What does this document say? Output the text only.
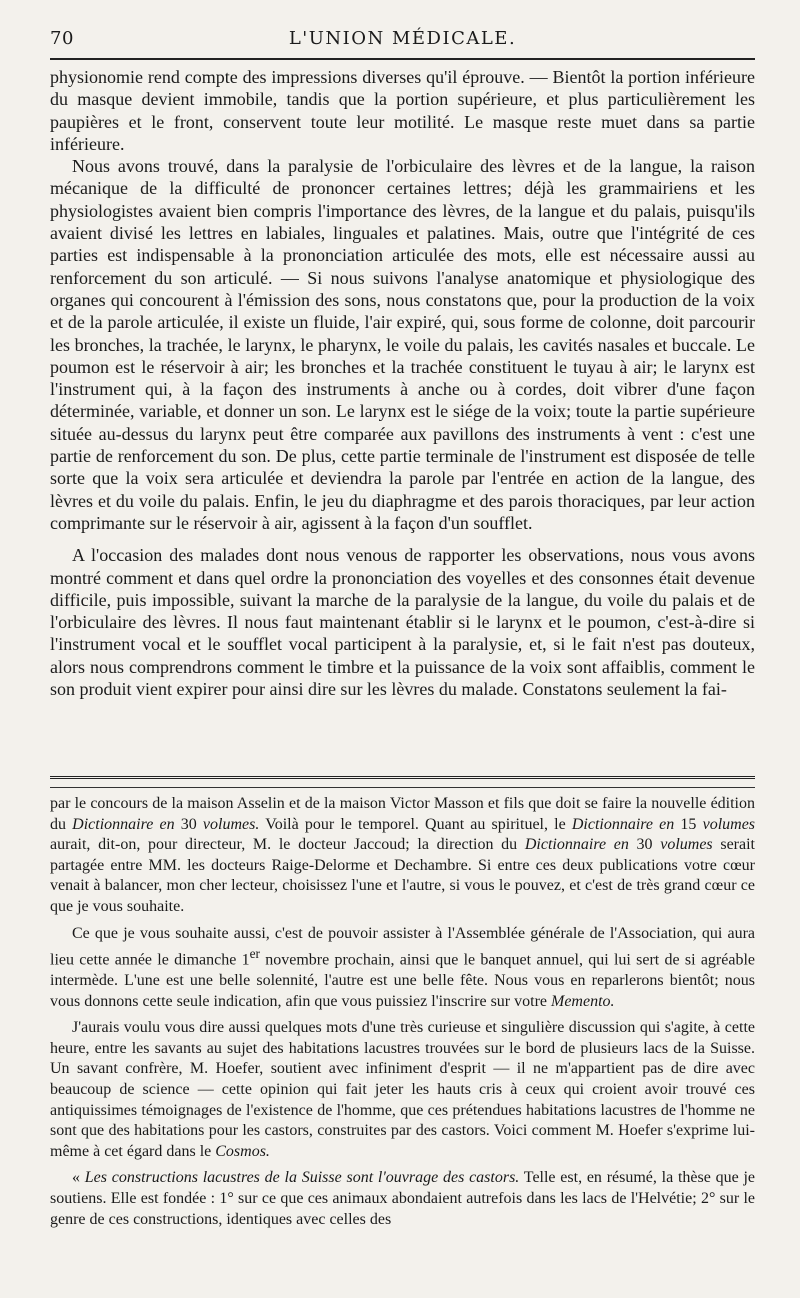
70	L'UNION MÉDICALE.

physionomie rend compte des impressions diverses qu'il éprouve. — Bientôt la portion inférieure du masque devient immobile, tandis que la portion supérieure, et plus particulièrement les paupières et le front, conservent toute leur motilité. Le masque reste muet dans sa partie inférieure.

Nous avons trouvé, dans la paralysie de l'orbiculaire des lèvres et de la langue, la raison mécanique de la difficulté de prononcer certaines lettres; déjà les grammairiens et les physiologistes avaient bien compris l'importance des lèvres, de la langue et du palais, puisqu'ils avaient divisé les lettres en labiales, linguales et palatines. Mais, outre que l'intégrité de ces parties est indispensable à la prononciation articulée des mots, elle est nécessaire aussi au renforcement du son articulé. — Si nous suivons l'analyse anatomique et physiologique des organes qui concourent à l'émission des sons, nous constatons que, pour la production de la voix et de la parole articulée, il existe un fluide, l'air expiré, qui, sous forme de colonne, doit parcourir les bronches, la trachée, le larynx, le pharynx, le voile du palais, les cavités nasales et buccale. Le poumon est le réservoir à air; les bronches et la trachée constituent le tuyau à air; le larynx est l'instrument qui, à la façon des instruments à anche ou à cordes, doit vibrer d'une façon déterminée, variable, et donner un son. Le larynx est le siége de la voix; toute la partie supérieure située au-dessus du larynx peut être comparée aux pavillons des instruments à vent : c'est une partie de renforcement du son. De plus, cette partie terminale de l'instrument est disposée de telle sorte que la voix sera articulée et deviendra la parole par l'entrée en action de la langue, des lèvres et du voile du palais. Enfin, le jeu du diaphragme et des parois thoraciques, par leur action comprimante sur le réservoir à air, agissent à la façon d'un soufflet.

A l'occasion des malades dont nous venous de rapporter les observations, nous vous avons montré comment et dans quel ordre la prononciation des voyelles et des consonnes était devenue difficile, puis impossible, suivant la marche de la paralysie de la langue, du voile du palais et de l'orbiculaire des lèvres. Il nous faut maintenant établir si le larynx et le poumon, c'est-à-dire si l'instrument vocal et le soufflet vocal participent à la paralysie, et, si le fait n'est pas douteux, alors nous comprendrons comment le timbre et la puissance de la voix sont affaiblis, comment le son produit vient expirer pour ainsi dire sur les lèvres du malade. Constatons seulement la fai-

par le concours de la maison Asselin et de la maison Victor Masson et fils que doit se faire la nouvelle édition du Dictionnaire en 30 volumes. Voilà pour le temporel. Quant au spirituel, le Dictionnaire en 15 volumes aurait, dit-on, pour directeur, M. le docteur Jaccoud; la direction du Dictionnaire en 30 volumes serait partagée entre MM. les docteurs Raige-Delorme et Dechambre. Si entre ces deux publications votre cœur venait à balancer, mon cher lecteur, choisissez l'une et l'autre, si vous le pouvez, et c'est de très grand cœur ce que je vous souhaite.

Ce que je vous souhaite aussi, c'est de pouvoir assister à l'Assemblée générale de l'Association, qui aura lieu cette année le dimanche 1er novembre prochain, ainsi que le banquet annuel, qui lui sert de si agréable intermède. L'une est une belle solennité, l'autre est une belle fête. Nous vous en reparlerons bientôt; nous vous donnons cette seule indication, afin que vous puissiez l'inscrire sur votre Memento.

J'aurais voulu vous dire aussi quelques mots d'une très curieuse et singulière discussion qui s'agite, à cette heure, entre les savants au sujet des habitations lacustres trouvées sur le bord de plusieurs lacs de la Suisse. Un savant confrère, M. Hoefer, soutient avec infiniment d'esprit — il ne m'appartient pas de dire avec beaucoup de science — cette opinion qui fait jeter les hauts cris à ceux qui croient avoir trouvé ces antiquissimes témoignages de l'existence de l'homme, que ces prétendues habitations lacustres de l'homme ne sont que des habitations pour les castors, construites par des castors. Voici comment M. Hoefer s'exprime lui-même à cet égard dans le Cosmos.

« Les constructions lacustres de la Suisse sont l'ouvrage des castors. Telle est, en résumé, la thèse que je soutiens. Elle est fondée : 1° sur ce que ces animaux abondaient autrefois dans les lacs de l'Helvétie; 2° sur le genre de ces constructions, identiques avec celles des
